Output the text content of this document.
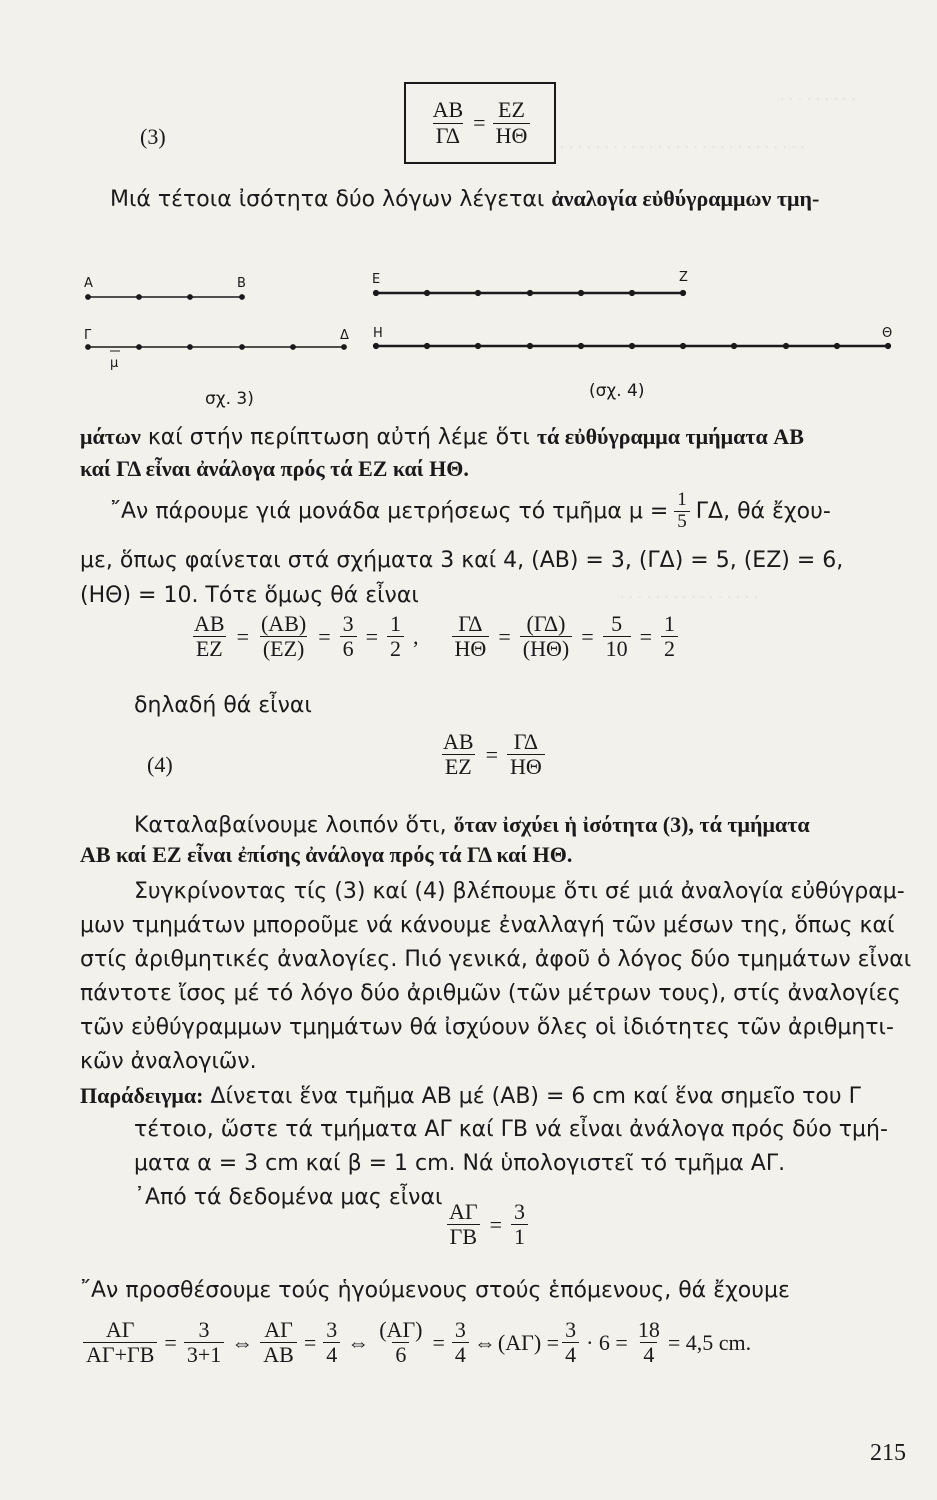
· · · · · · · · ·
· · · · · · · · · · · · · · · · · · · · · · · · · · · ·
· · · · · · · · · · · · · · · ·
(3)	$\frac{AB}{\Gamma\Delta} = \frac{EZ}{H\Theta}$
Μιά τέτοια ἰσότητα δύο λόγων λέγεται ἀναλογία εὐθύγραμμων τμη-
A	B
Γ	Δ
μ
E	Z
H	Θ
σχ. 3)	(σχ. 4)
μάτων καί στήν περίπτωση αὐτή λέμε ὅτι τά εὐθύγραμμα τμήματα AB
καί ΓΔ εἶναι ἀνάλογα πρός τά EZ καί HΘ.
῎Αν πάρουμε γιά μονάδα μετρήσεως τό τμῆμα $\mu = \frac{1}{5} \Gamma\Delta$, θά ἔχου-
με, ὅπως φαίνεται στά σχήματα 3 καί 4, (AB) = 3, (ΓΔ) = 5, (EZ) = 6,
(HΘ) = 10. Τότε ὅμως θά εἶναι
$\frac{AB}{EZ} = \frac{(AB)}{(EZ)} = \frac{3}{6} = \frac{1}{2}$ , $\frac{\Gamma\Delta}{H\Theta} = \frac{(\Gamma\Delta)}{(H\Theta)} = \frac{5}{10} = \frac{1}{2}$
δηλαδή θά εἶναι
(4)	$\frac{AB}{EZ} = \frac{\Gamma\Delta}{H\Theta}$
Καταλαβαίνουμε λοιπόν ὅτι, ὅταν ἰσχύει ἡ ἰσότητα (3), τά τμήματα
AB καί EZ εἶναι ἐπίσης ἀνάλογα πρός τά ΓΔ καί HΘ.
Συγκρίνοντας τίς (3) καί (4) βλέπουμε ὅτι σέ μιά ἀναλογία εὐθύγραμ-
μων τμημάτων μποροῦμε νά κάνουμε ἐναλλαγή τῶν μέσων της, ὅπως καί
στίς ἀριθμητικές ἀναλογίες. Πιό γενικά, ἀφοῦ ὁ λόγος δύο τμημάτων εἶναι
πάντοτε ἴσος μέ τό λόγο δύο ἀριθμῶν (τῶν μέτρων τους), στίς ἀναλογίες
τῶν εὐθύγραμμων τμημάτων θά ἰσχύουν ὅλες οἱ ἰδιότητες τῶν ἀριθμητι-
κῶν ἀναλογιῶν.
Παράδειγμα: Δίνεται ἕνα τμῆμα AB μέ (AB) = 6 cm καί ἕνα σημεῖο του Γ
τέτοιο, ὥστε τά τμήματα AΓ καί ΓB νά εἶναι ἀνάλογα πρός δύο τμή-
ματα α = 3 cm καί β = 1 cm. Νά ὑπολογιστεῖ τό τμῆμα AΓ.
᾽Από τά δεδομένα μας εἶναι
$\frac{A\Gamma}{\Gamma B} = \frac{3}{1}$
῎Αν προσθέσουμε τούς ἡγούμενους στούς ἑπόμενους, θά ἔχουμε
$\frac{A\Gamma}{A\Gamma+\Gamma B} = \frac{3}{3+1}$ ⇔ $\frac{A\Gamma}{AB} = \frac{3}{4}$ ⇔ $\frac{(A\Gamma)}{6} = \frac{3}{4}$ ⇔ $(A\Gamma) = \frac{3}{4} \cdot 6 = \frac{18}{4} = 4,5$ cm.
215
